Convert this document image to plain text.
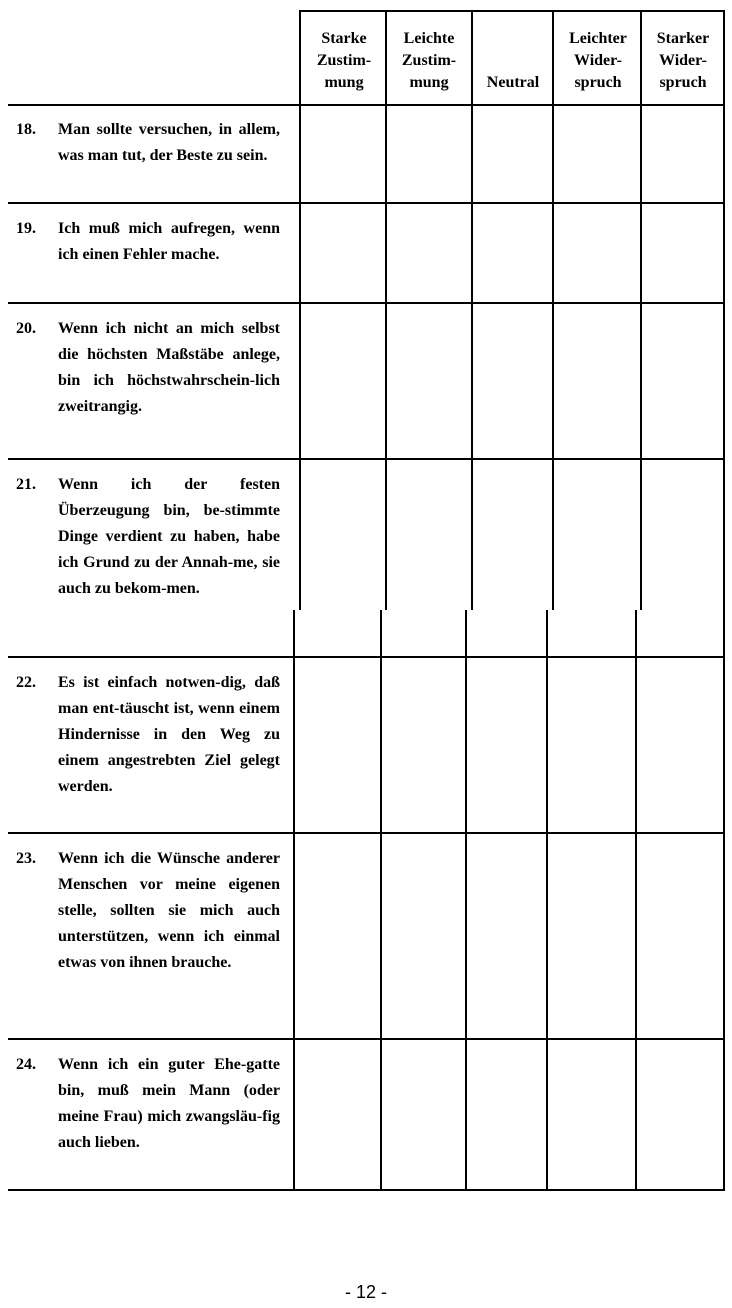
Starke
Zustim-
mung
Leichte
Zustim-
mung	Neutral
Leichter
Wider-
spruch
Starker
Wider-
spruch
18. Man sollte versuchen, in allem, was man tut, der Beste zu sein.
19. Ich muß mich aufregen, wenn ich einen Fehler mache.
20. Wenn ich nicht an mich selbst die höchsten Maßstäbe anlege, bin ich höchstwahrschein-lich zweitrangig.
21. Wenn ich der festen Überzeugung bin, be-stimmte Dinge verdient zu haben, habe ich Grund zu der Annah-me, sie auch zu bekom-men.
22. Es ist einfach notwen-dig, daß man ent-täuscht ist, wenn einem Hindernisse in den Weg zu einem angestrebten Ziel gelegt werden.
23. Wenn ich die Wünsche anderer Menschen vor meine eigenen stelle, sollten sie mich auch unterstützen, wenn ich einmal etwas von ihnen brauche.
24. Wenn ich ein guter Ehe-gatte bin, muß mein Mann (oder meine Frau) mich zwangsläu-fig auch lieben.
- 12 -
